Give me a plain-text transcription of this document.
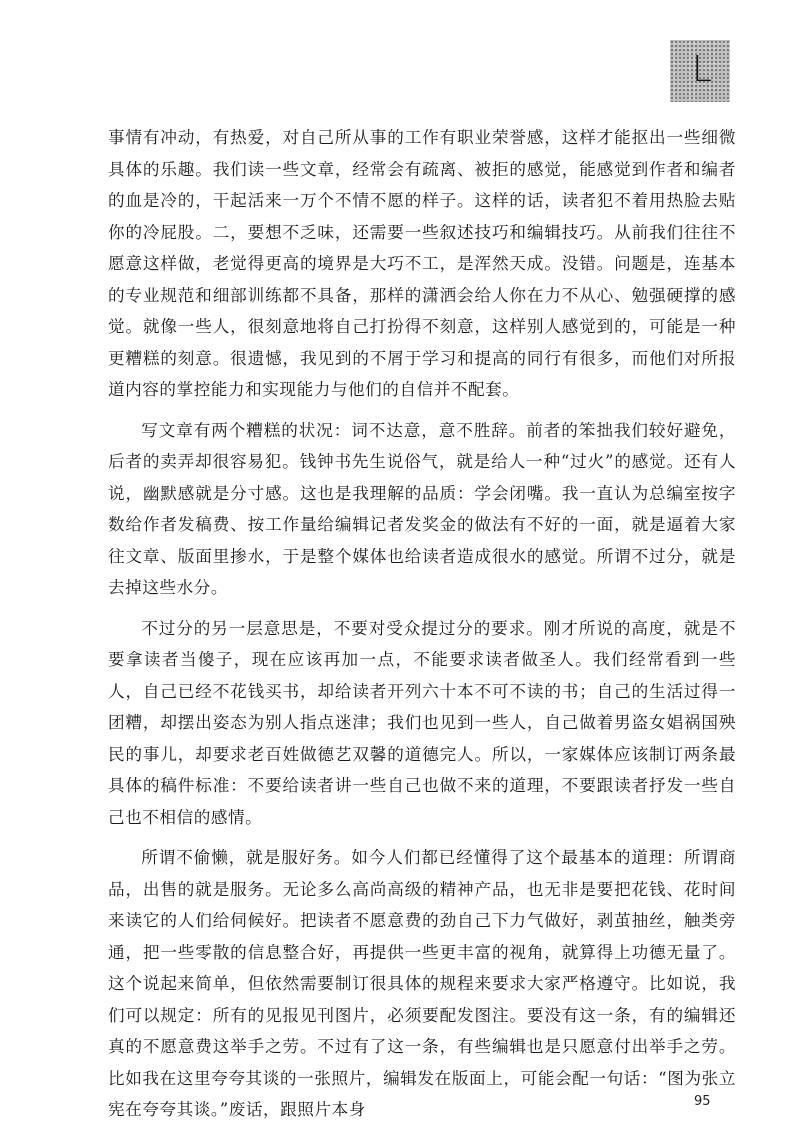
L

事情有冲动，有热爱，对自己所从事的工作有职业荣誉感，这样才能抠出一些细微具体的乐趣。我们读一些文章，经常会有疏离、被拒的感觉，能感觉到作者和编者的血是冷的，干起活来一万个不情不愿的样子。这样的话，读者犯不着用热脸去贴你的冷屁股。二，要想不乏味，还需要一些叙述技巧和编辑技巧。从前我们往往不愿意这样做，老觉得更高的境界是大巧不工，是浑然天成。没错。问题是，连基本的专业规范和细部训练都不具备，那样的潇洒会给人你在力不从心、勉强硬撑的感觉。就像一些人，很刻意地将自己打扮得不刻意，这样别人感觉到的，可能是一种更糟糕的刻意。很遗憾，我见到的不屑于学习和提高的同行有很多，而他们对所报道内容的掌控能力和实现能力与他们的自信并不配套。

写文章有两个糟糕的状况：词不达意，意不胜辞。前者的笨拙我们较好避免，后者的卖弄却很容易犯。钱钟书先生说俗气，就是给人一种“过火”的感觉。还有人说，幽默感就是分寸感。这也是我理解的品质：学会闭嘴。我一直认为总编室按字数给作者发稿费、按工作量给编辑记者发奖金的做法有不好的一面，就是逼着大家往文章、版面里掺水，于是整个媒体也给读者造成很水的感觉。所谓不过分，就是去掉这些水分。

不过分的另一层意思是，不要对受众提过分的要求。刚才所说的高度，就是不要拿读者当傻子，现在应该再加一点，不能要求读者做圣人。我们经常看到一些人，自己已经不花钱买书，却给读者开列六十本不可不读的书；自己的生活过得一团糟，却摆出姿态为别人指点迷津；我们也见到一些人，自己做着男盗女娼祸国殃民的事儿，却要求老百姓做德艺双馨的道德完人。所以，一家媒体应该制订两条最具体的稿件标准：不要给读者讲一些自己也做不来的道理，不要跟读者抒发一些自己也不相信的感情。

所谓不偷懒，就是服好务。如今人们都已经懂得了这个最基本的道理：所谓商品，出售的就是服务。无论多么高尚高级的精神产品，也无非是要把花钱、花时间来读它的人们给伺候好。把读者不愿意费的劲自己下力气做好，剥茧抽丝，触类旁通，把一些零散的信息整合好，再提供一些更丰富的视角，就算得上功德无量了。这个说起来简单，但依然需要制订很具体的规程来要求大家严格遵守。比如说，我们可以规定：所有的见报见刊图片，必须要配发图注。要没有这一条，有的编辑还真的不愿意费这举手之劳。不过有了这一条，有些编辑也是只愿意付出举手之劳。比如我在这里夸夸其谈的一张照片，编辑发在版面上，可能会配一句话：“图为张立宪在夸夸其谈。”废话，跟照片本身	95
